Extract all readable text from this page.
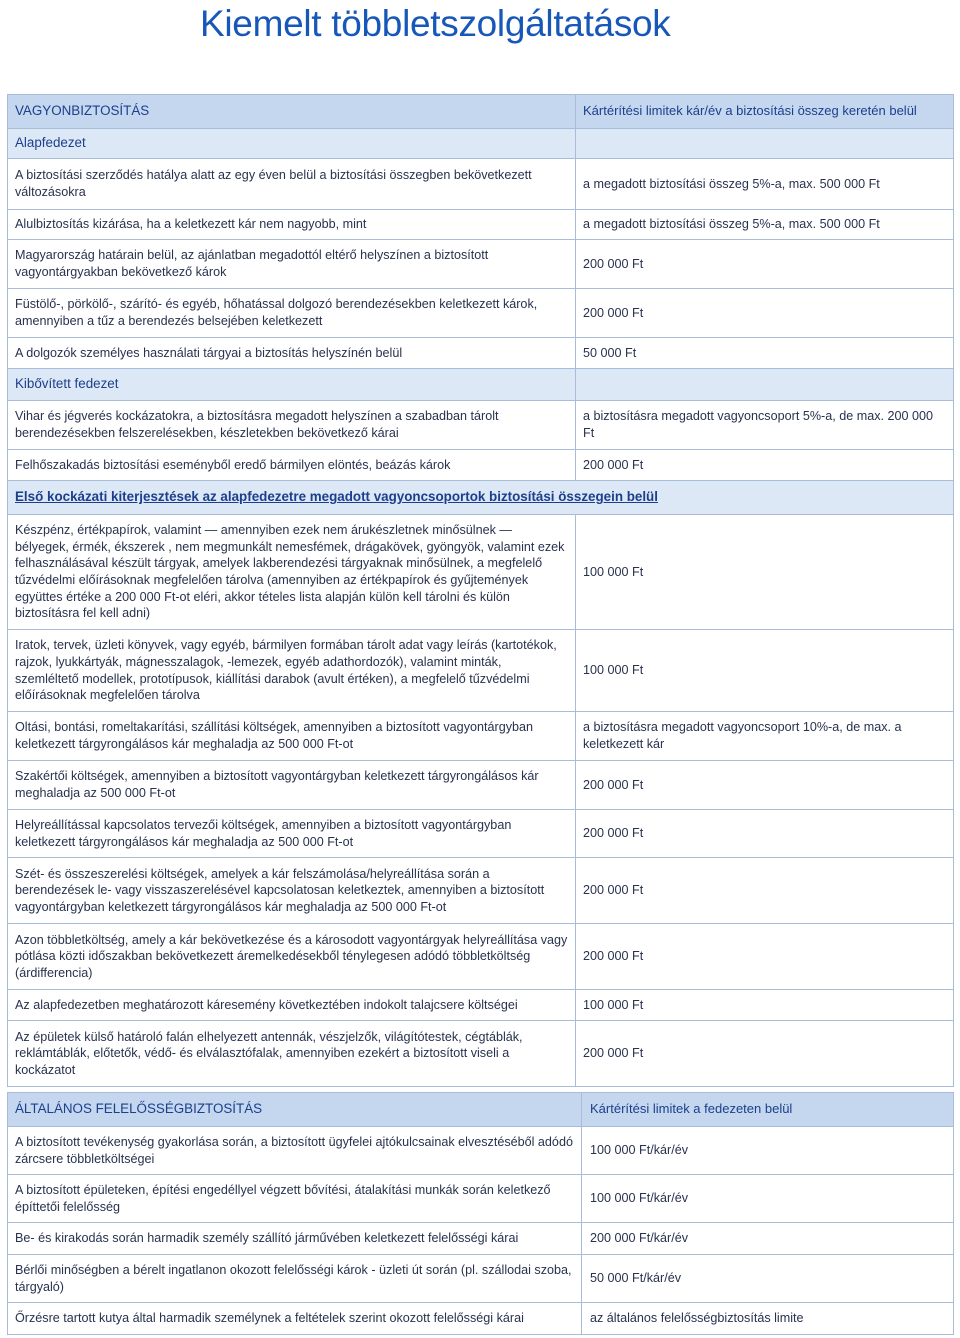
Kiemelt többletszolgáltatások
VAGYONBIZTOSÍTÁS	Kártérítési limitek kár/év a biztosítási összeg keretén belül
Alapfedezet	
A biztosítási szerződés hatálya alatt az egy éven belül a biztosítási összegben bekövetkezett változásokra	a megadott biztosítási összeg 5%-a, max. 500 000 Ft
Alulbiztosítás kizárása, ha a keletkezett kár nem nagyobb, mint	a megadott biztosítási összeg 5%-a, max. 500 000 Ft
Magyarország határain belül, az ajánlatban megadottól eltérő helyszínen a biztosított vagyontárgyakban bekövetkező károk	200 000 Ft
Füstölő-, pörkölő-, szárító- és egyéb, hőhatással dolgozó berendezésekben keletkezett károk, amennyiben a tűz a berendezés belsejében keletkezett	200 000 Ft
A dolgozók személyes használati tárgyai a biztosítás helyszínén belül	50 000 Ft
Kibővített fedezet	
Vihar és jégverés kockázatokra, a biztosításra megadott helyszínen a szabadban tárolt berendezésekben felszerelésekben, készletekben bekövetkező kárai	a biztosításra megadott vagyoncsoport 5%-a, de max. 200 000 Ft
Felhőszakadás biztosítási eseményből eredő bármilyen elöntés, beázás károk	200 000 Ft
Első kockázati kiterjesztések az alapfedezetre megadott vagyoncsoportok biztosítási összegein belül	
Készpénz, értékpapírok, valamint — amennyiben ezek nem árukészletnek minősülnek — bélyegek, érmék, ékszerek , nem megmunkált nemesfémek, drágakövek, gyöngyök, valamint ezek felhasználásával készült tárgyak, amelyek lakberendezési tárgyaknak minősülnek, a megfelelő tűzvédelmi előírásoknak megfelelően tárolva (amennyiben az értékpapírok és gyűjtemények együttes értéke a 200 000 Ft-ot eléri, akkor tételes lista alapján külön kell tárolni és külön biztosításra fel kell adni)	100 000 Ft
Iratok, tervek, üzleti könyvek, vagy egyéb, bármilyen formában tárolt adat vagy leírás (kartotékok, rajzok, lyukkártyák, mágnesszalagok, -lemezek, egyéb adathordozók), valamint minták, szemléltető modellek, prototípusok, kiállítási darabok (avult értéken), a megfelelő tűzvédelmi előírásoknak megfelelően tárolva	100 000 Ft
Oltási, bontási, romeltakarítási, szállítási költségek, amennyiben a biztosított vagyontárgyban keletkezett tárgyrongálásos kár meghaladja az 500 000 Ft-ot	a biztosításra megadott vagyoncsoport 10%-a, de max. a keletkezett kár
Szakértői költségek, amennyiben a biztosított vagyontárgyban keletkezett tárgyrongálásos kár meghaladja az 500 000 Ft-ot	200 000 Ft
Helyreállítással kapcsolatos tervezői költségek, amennyiben a biztosított vagyontárgyban keletkezett tárgyrongálásos kár meghaladja az 500 000 Ft-ot	200 000 Ft
Szét- és összeszerelési költségek, amelyek a kár felszámolása/helyreállítása során a berendezések le- vagy visszaszerelésével kapcsolatosan keletkeztek, amennyiben a biztosított vagyontárgyban keletkezett tárgyrongálásos kár meghaladja az 500 000 Ft-ot	200 000 Ft
Azon többletköltség, amely a kár bekövetkezése és a károsodott vagyontárgyak helyreállítása vagy pótlása közti időszakban bekövetkezett áremelkedésekből ténylegesen adódó többletköltség (árdifferencia)	200 000 Ft
Az alapfedezetben meghatározott káresemény következtében indokolt talajcsere költségei	100 000 Ft
Az épületek külső határoló falán elhelyezett antennák, vészjelzők, világítótestek, cégtáblák, reklámtáblák, előtetők, védő- és elválasztófalak, amennyiben ezekért a biztosított viseli a kockázatot	200 000 Ft
ÁLTALÁNOS FELELŐSSÉGBIZTOSÍTÁS	Kártérítési limitek a fedezeten belül
A biztosított tevékenység gyakorlása során, a biztosított ügyfelei ajtókulcsainak elvesztéséből adódó zárcsere többletköltségei	100 000 Ft/kár/év
A biztosított épületeken, építési engedéllyel végzett bővítési, átalakítási munkák során keletkező építtetői felelősség	100 000 Ft/kár/év
Be- és kirakodás során harmadik személy szállító járművében keletkezett felelősségi kárai	200 000 Ft/kár/év
Bérlői minőségben a bérelt ingatlanon okozott felelősségi károk - üzleti út során (pl. szállodai szoba, tárgyaló)	50 000 Ft/kár/év
Őrzésre tartott kutya által harmadik személynek a feltételek szerint okozott felelősségi kárai	az általános felelősségbiztosítás limite
